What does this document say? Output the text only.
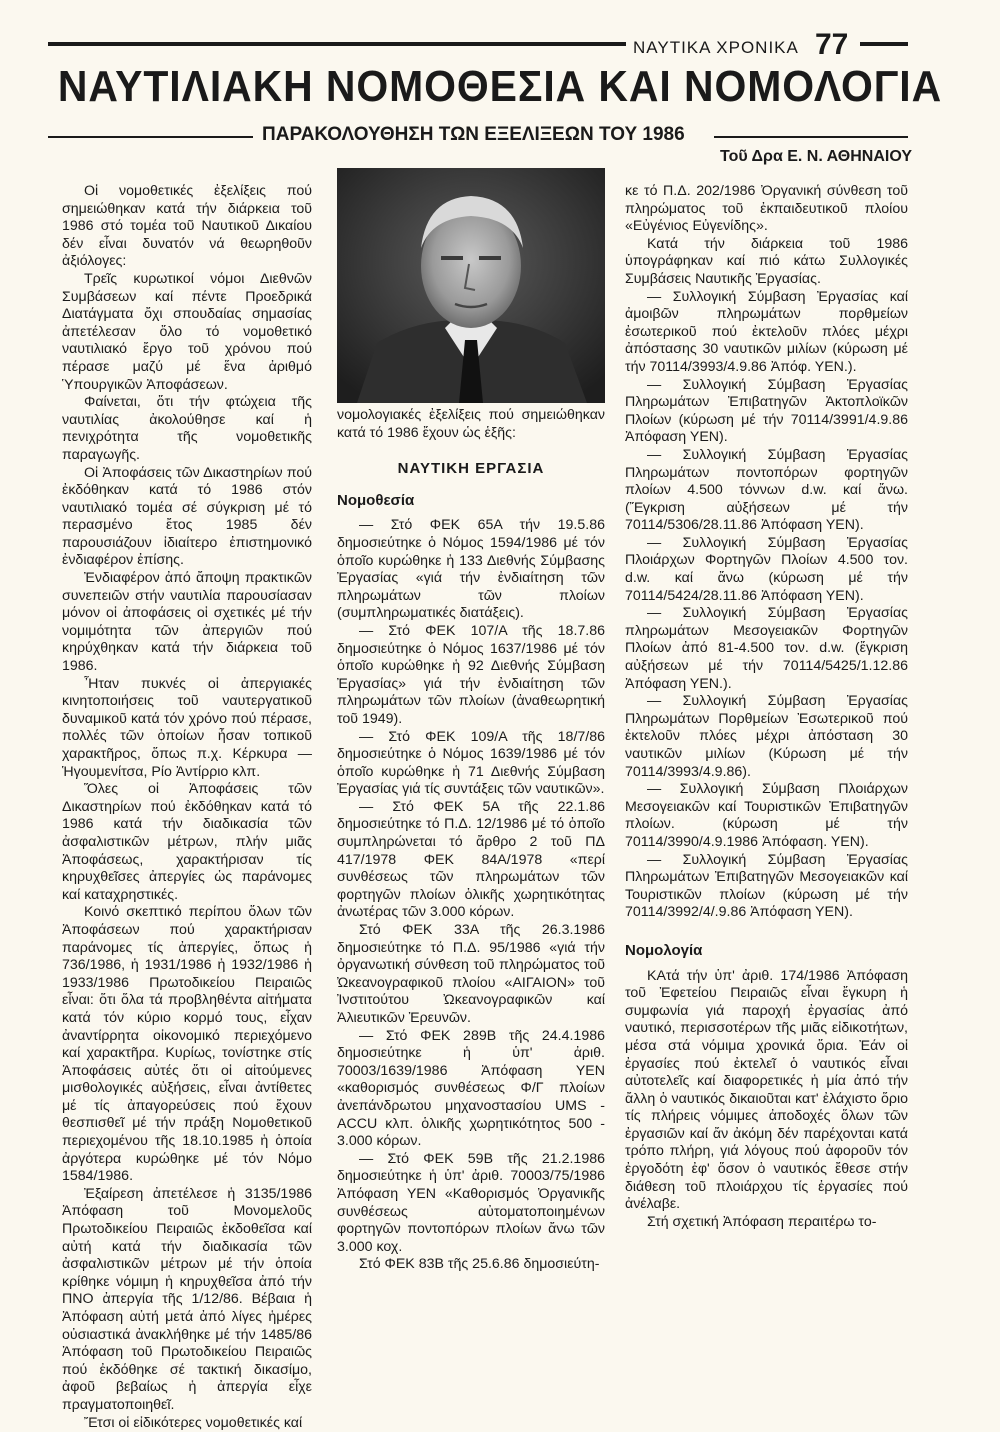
ΝΑΥΤΙΚΑ ΧΡΟΝΙΚΑ 77
ΝΑΥΤΙΛΙΑΚΗ ΝΟΜΟΘΕΣΙΑ ΚΑΙ ΝΟΜΟΛΟΓΙΑ
ΠΑΡΑΚΟΛΟΥΘΗΣΗ ΤΩΝ ΕΞΕΛΙΞΕΩΝ ΤΟΥ 1986
Τοῦ Δρα Ε. Ν. ΑΘΗΝΑΙΟΥ

Οἱ νομοθετικές ἐξελίξεις πού σημειώθηκαν κατά τήν διάρκεια τοῦ 1986 στό τομέα τοῦ Ναυτικοῦ Δικαίου δέν εἶναι δυνατόν νά θεωρηθοῦν ἀξιόλογες:

Τρεῖς κυρωτικοί νόμοι Διεθνῶν Συμβάσεων καί πέντε Προεδρικά Διατάγματα ὄχι σπουδαίας σημασίας ἀπετέλεσαν ὅλο τό νομοθετικό ναυτιλιακό ἔργο τοῦ χρόνου πού πέρασε μαζύ μέ ἕνα ἀριθμό Ὑπουργικῶν Ἀποφάσεων.

Φαίνεται, ὅτι τήν φτώχεια τῆς ναυτιλίας ἀκολούθησε καί ἡ πενιχρότητα τῆς νομοθετικῆς παραγωγῆς.

Οἱ Ἀποφάσεις τῶν Δικαστηρίων πού ἐκδόθηκαν κατά τό 1986 στόν ναυτιλιακό τομέα σέ σύγκριση μέ τό περασμένο ἔτος 1985 δέν παρουσιάζουν ἰδιαίτερο ἐπιστημονικό ἐνδιαφέρον ἐπίσης.

Ἐνδιαφέρον ἀπό ἄποψη πρακτικῶν συνεπειῶν στήν ναυτιλία παρουσίασαν μόνον οἱ ἀποφάσεις οἱ σχετικές μέ τήν νομιμότητα τῶν ἀπεργιῶν πού κηρύχθηκαν κατά τήν διάρκεια τοῦ 1986.

Ἦταν πυκνές οἱ ἀπεργιακές κινητοποιήσεις τοῦ ναυτεργατικοῦ δυναμικοῦ κατά τόν χρόνο πού πέρασε, πολλές τῶν ὁποίων ἦσαν τοπικοῦ χαρακτῆρος, ὅπως π.χ. Κέρκυρα — Ἡγουμενίτσα, Ρίο Ἀντίρριο κλπ.

Ὅλες οἱ Ἀποφάσεις τῶν Δικαστηρίων πού ἐκδόθηκαν κατά τό 1986 κατά τήν διαδικασία τῶν ἀσφαλιστικῶν μέτρων, πλήν μιᾶς Ἀποφάσεως, χαρακτήρισαν τίς κηρυχθεῖσες ἀπεργίες ὡς παράνομες καί καταχρηστικές.

Κοινό σκεπτικό περίπου ὅλων τῶν Ἀποφάσεων πού χαρακτήρισαν παράνομες τίς ἀπεργίες, ὅπως ἡ 736/1986, ἡ 1931/1986 ἡ 1932/1986 ἡ 1933/1986 Πρωτοδικείου Πειραιῶς εἶναι: ὅτι ὅλα τά προβληθέντα αἰτήματα κατά τόν κύριο κορμό τους, εἶχαν ἀναντίρρητα οἰκονομικό περιεχόμενο καί χαρακτῆρα. Κυρίως, τονίστηκε στίς Ἀποφάσεις αὐτές ὅτι οἱ αἰτούμενες μισθολογικές αὐξήσεις, εἶναι ἀντίθετες μέ τίς ἀπαγορεύσεις πού ἔχουν θεσπισθεῖ μέ τήν πράξη Νομοθετικοῦ περιεχομένου τῆς 18.10.1985 ἡ ὁποία ἀργότερα κυρώθηκε μέ τόν Νόμο 1584/1986.

Ἐξαίρεση ἀπετέλεσε ἡ 3135/1986 Ἀπόφαση τοῦ Μονομελοῦς Πρωτοδικείου Πειραιῶς ἐκδοθεῖσα καί αὐτή κατά τήν διαδικασία τῶν ἀσφαλιστικῶν μέτρων μέ τήν ὁποία κρίθηκε νόμιμη ἡ κηρυχθεῖσα ἀπό τήν ΠΝΟ ἀπεργία τῆς 1/12/86. Βέβαια ἡ Ἀπόφαση αὐτή μετά ἀπό λίγες ἡμέρες οὐσιαστικά ἀνακλήθηκε μέ τήν 1485/86 Ἀπόφαση τοῦ Πρωτοδικείου Πειραιῶς πού ἐκδόθηκε σέ τακτική δικασίμο, ἀφοῦ βεβαίως ἡ ἀπεργία εἶχε πραγματοποιηθεῖ.

Ἔτσι οἱ εἰδικότερες νομοθετικές καί

νομολογιακές ἐξελίξεις πού σημειώθηκαν κατά τό 1986 ἔχουν ὡς ἑξῆς:

ΝΑΥΤΙΚΗ ΕΡΓΑΣΙΑ
Νομοθεσία

— Στό ΦΕΚ 65Α τήν 19.5.86 δημοσιεύτηκε ὁ Νόμος 1594/1986 μέ τόν ὁποῖο κυρώθηκε ἡ 133 Διεθνής Σύμβασης Ἐργασίας «γιά τήν ἐνδιαίτηση τῶν πληρωμάτων τῶν πλοίων (συμπληρωματικές διατάξεις).

— Στό ΦΕΚ 107/Α τῆς 18.7.86 δημοσιεύτηκε ὁ Νόμος 1637/1986 μέ τόν ὁποῖο κυρώθηκε ἡ 92 Διεθνής Σύμβαση Ἐργασίας» γιά τήν ἐνδιαίτηση τῶν πληρωμάτων τῶν πλοίων (ἀναθεωρητική τοῦ 1949).

— Στό ΦΕΚ 109/Α τῆς 18/7/86 δημοσιεύτηκε ὁ Νόμος 1639/1986 μέ τόν ὁποῖο κυρώθηκε ἡ 71 Διεθνής Σύμβαση Ἐργασίας γιά τίς συντάξεις τῶν ναυτικῶν».

— Στό ΦΕΚ 5Α τῆς 22.1.86 δημοσιεύτηκε τό Π.Δ. 12/1986 μέ τό ὁποῖο συμπληρώνεται τό ἄρθρο 2 τοῦ ΠΔ 417/1978 ΦΕΚ 84Α/1978 «περί συνθέσεως τῶν πληρωμάτων τῶν φορτηγῶν πλοίων ὁλικῆς χωρητικότητας ἀνωτέρας τῶν 3.000 κόρων.

Στό ΦΕΚ 33Α τῆς 26.3.1986 δημοσιεύτηκε τό Π.Δ. 95/1986 «γιά τήν ὀργανωτική σύνθεση τοῦ πληρώματος τοῦ Ὠκεανογραφικοῦ πλοίου «ΑΙΓΑΙΟΝ» τοῦ Ἰνστιτούτου Ὠκεανογραφικῶν καί Ἀλιευτικῶν Ἐρευνῶν.

— Στό ΦΕΚ 289Β τῆς 24.4.1986 δημοσιεύτηκε ἡ ὑπ' ἀριθ. 70003/1639/1986 Ἀπόφαση ΥΕΝ «καθορισμός συνθέσεως Φ/Γ πλοίων ἀνεπάνδρωτου μηχανοστασίου UMS - ACCU κλπ. ὁλικῆς χωρητικότητος 500 - 3.000 κόρων.

— Στό ΦΕΚ 59Β τῆς 21.2.1986 δημοσιεύτηκε ἡ ὑπ' ἀριθ. 70003/75/1986 Ἀπόφαση ΥΕΝ «Καθορισμός Ὀργανικῆς συνθέσεως αὐτοματοποιημένων φορτηγῶν ποντοπόρων πλοίων ἄνω τῶν 3.000 κοχ.

Στό ΦΕΚ 83Β τῆς 25.6.86 δημοσιεύτη-

κε τό Π.Δ. 202/1986 Ὀργανική σύνθεση τοῦ πληρώματος τοῦ ἐκπαιδευτικοῦ πλοίου «Εὐγένιος Εὐγενίδης».

Κατά τήν διάρκεια τοῦ 1986 ὑπογράφηκαν καί πιό κάτω Συλλογικές Συμβάσεις Ναυτικῆς Ἐργασίας.

— Συλλογική Σύμβαση Ἐργασίας καί ἀμοιβῶν πληρωμάτων πορθμείων ἐσωτερικοῦ πού ἐκτελοῦν πλόες μέχρι ἀπόστασης 30 ναυτικῶν μιλίων (κύρωση μέ τήν 70114/3993/4.9.86 Ἀπόφ. ΥΕΝ.).

— Συλλογική Σύμβαση Ἐργασίας Πληρωμάτων Ἐπιβατηγῶν Ἀκτοπλοϊκῶν Πλοίων (κύρωση μέ τήν 70114/3991/4.9.86 Ἀπόφαση ΥΕΝ).

— Συλλογική Σύμβαση Ἐργασίας Πληρωμάτων ποντοπόρων φορτηγῶν πλοίων 4.500 τόννων d.w. καί ἄνω. (Ἔγκριση αὐξήσεων μέ τήν 70114/5306/28.11.86 Ἀπόφαση ΥΕΝ).

— Συλλογική Σύμβαση Ἐργασίας Πλοιάρχων Φορτηγῶν Πλοίων 4.500 τον. d.w. καί ἄνω (κύρωση μέ τήν 70114/5424/28.11.86 Ἀπόφαση ΥΕΝ).

— Συλλογική Σύμβαση Ἐργασίας πληρωμάτων Μεσογειακῶν Φορτηγῶν Πλοίων ἀπό 81-4.500 τον. d.w. (ἔγκριση αὐξήσεων μέ τήν 70114/5425/1.12.86 Ἀπόφαση ΥΕΝ.).

— Συλλογική Σύμβαση Ἐργασίας Πληρωμάτων Πορθμείων Ἐσωτερικοῦ πού ἐκτελοῦν πλόες μέχρι ἀπόσταση 30 ναυτικῶν μιλίων (Κύρωση μέ τήν 70114/3993/4.9.86).

— Συλλογική Σύμβαση Πλοιάρχων Μεσογειακῶν καί Τουριστικῶν Ἐπιβατηγῶν πλοίων. (κύρωση μέ τήν 70114/3990/4.9.1986 Ἀπόφαση. ΥΕΝ).

— Συλλογική Σύμβαση Ἐργασίας Πληρωμάτων Ἐπιβατηγῶν Μεσογειακῶν καί Τουριστικῶν πλοίων (κύρωση μέ τήν 70114/3992/4/.9.86 Ἀπόφαση ΥΕΝ).

Νομολογία

ΚΑτά τήν ὑπ' ἀριθ. 174/1986 Ἀπόφαση τοῦ Ἐφετείου Πειραιῶς εἶναι ἔγκυρη ἡ συμφωνία γιά παροχή ἐργασίας ἀπό ναυτικό, περισσοτέρων τῆς μιᾶς εἰδικοτήτων, μέσα στά νόμιμα χρονικά ὅρια. Ἐάν οἱ ἐργασίες πού ἐκτελεῖ ὁ ναυτικός εἶναι αὐτοτελεῖς καί διαφορετικές ἡ μία ἀπό τήν ἄλλη ὁ ναυτικός δικαιοῦται κατ' ἐλάχιστο ὅριο τίς πλήρεις νόμιμες ἀποδοχές ὅλων τῶν ἐργασιῶν καί ἄν ἀκόμη δέν παρέχονται κατά τρόπο πλήρη, γιά λόγους πού ἀφοροῦν τόν ἐργοδότη ἐφ' ὅσον ὁ ναυτικός ἔθεσε στήν διάθεση τοῦ πλοιάρχου τίς ἐργασίες πού ἀνέλαβε.

Στή σχετική Ἀπόφαση περαιτέρω το-
